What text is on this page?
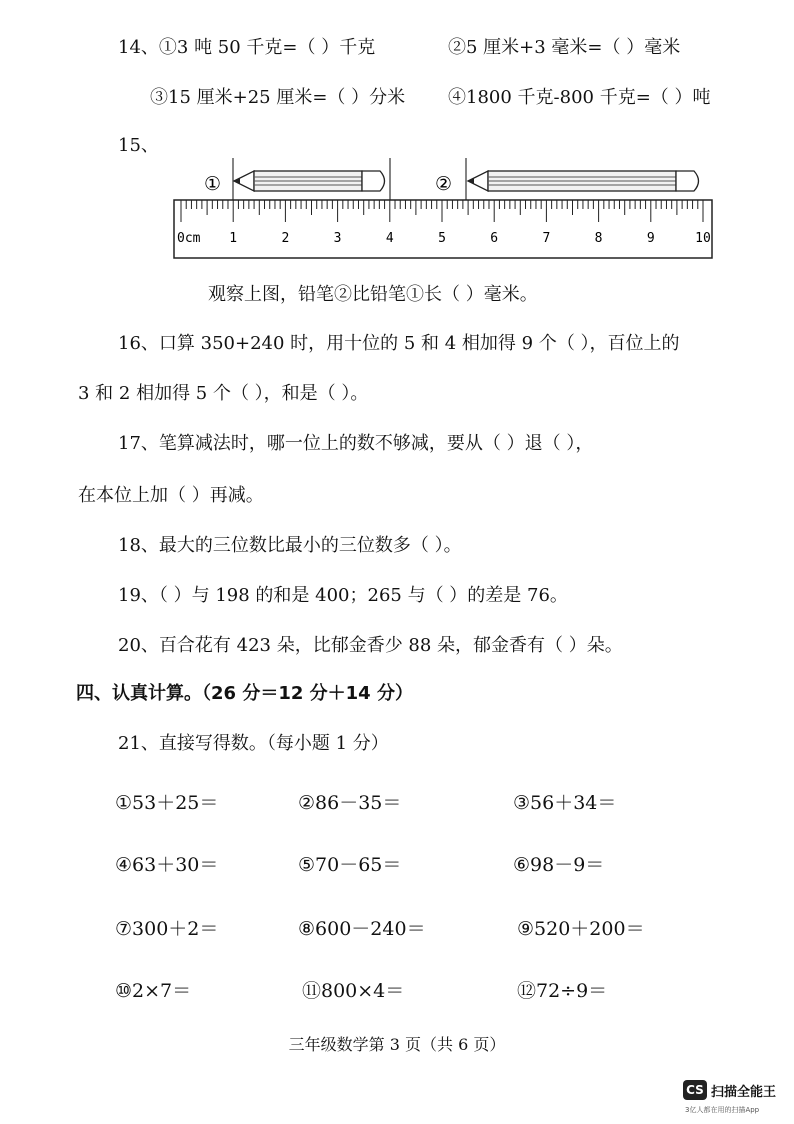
14、①3 吨 50 千克=（ ）千克	②5 厘米+3 毫米=（ ）毫米
③15 厘米+25 厘米=（ ）分米 ④1800 千克-800 千克=（ ）吨
15、
①	②
0cm 1	2	3	4	5	6	7	8	9	10
观察上图，铅笔②比铅笔①长（ ）毫米。
16、口算 350+240 时，用十位的 5 和 4 相加得 9 个（ ），百位上的
3 和 2 相加得 5 个（ ），和是（ ）。
17、笔算减法时，哪一位上的数不够减，要从（ ）退（ ），
在本位上加（ ）再减。
18、最大的三位数比最小的三位数多（ ）。
19、（ ）与 198 的和是 400；265 与（ ）的差是 76。
20、百合花有 423 朵，比郁金香少 88 朵，郁金香有（ ）朵。
四、认真计算。（26 分＝12 分＋14 分）
21、直接写得数。（每小题 1 分）
①53＋25＝	②86－35＝	③56＋34＝
④63＋30＝	⑤70－65＝	⑥98－9＝
⑦300＋2＝	⑧600－240＝	⑨520＋200＝
⑩2×7＝	⑪800×4＝	⑫72÷9＝
三年级数学第 3 页（共 6 页）
CS 扫描全能王
3亿人都在用的扫描App
